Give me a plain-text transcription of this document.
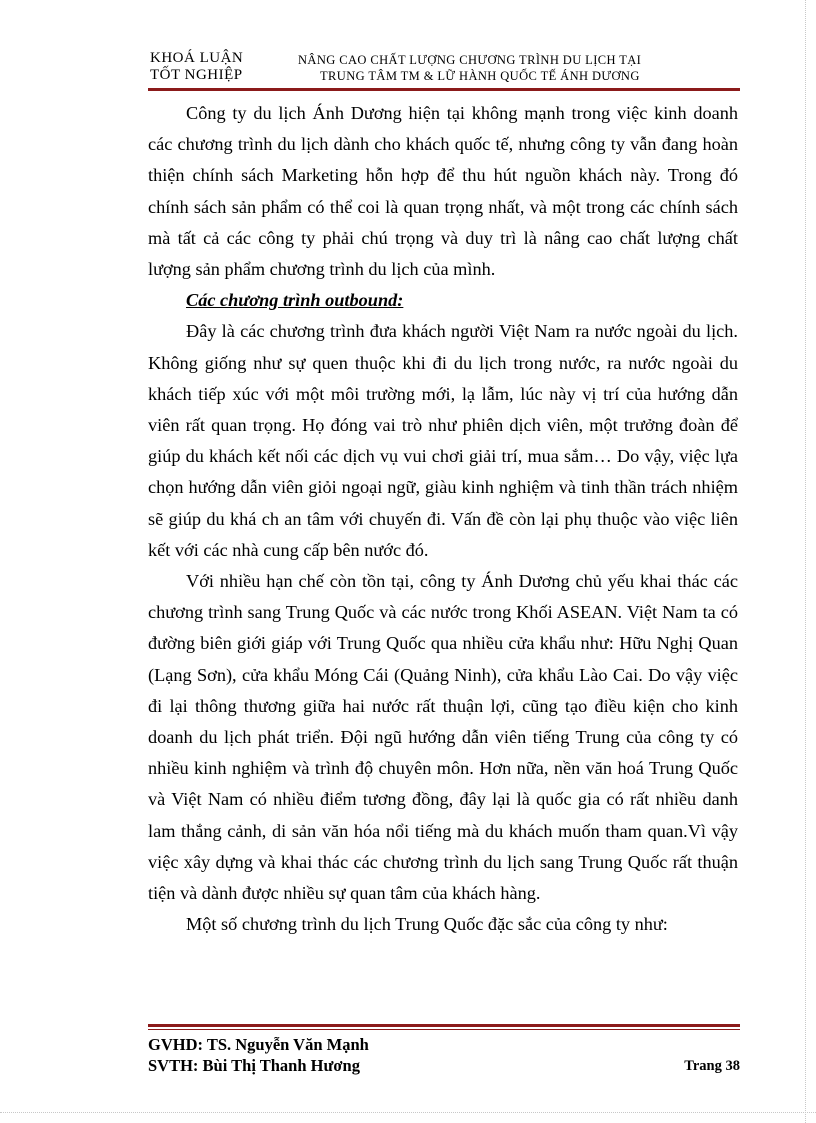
KHOÁ LUẬN
TỐT NGHIỆP
NÂNG CAO CHẤT LƯỢNG CHƯƠNG TRÌNH DU LỊCH TẠI
TRUNG TÂM TM & LỮ HÀNH QUỐC TẾ ÁNH DƯƠNG

Công ty du lịch Ánh Dương hiện tại không mạnh trong việc kinh doanh các chương trình du lịch dành cho khách quốc tế, nhưng công ty vẫn đang hoàn thiện chính sách Marketing hỗn hợp để thu hút nguồn khách này. Trong đó chính sách sản phẩm có thể coi là quan trọng nhất, và một trong các chính sách mà tất cả các công ty phải chú trọng và duy trì là nâng cao chất lượng chất lượng sản phẩm chương trình du lịch của mình.

Các chương trình outbound:

Đây là các chương trình đưa khách người Việt Nam ra nước ngoài du lịch. Không giống như sự quen thuộc khi đi du lịch trong nước, ra nước ngoài du khách tiếp xúc với một môi trường mới, lạ lẫm, lúc này vị trí của hướng dẫn viên rất quan trọng. Họ đóng vai trò như phiên dịch viên, một trưởng đoàn để giúp du khách kết nối các dịch vụ vui chơi giải trí, mua sắm… Do vậy, việc lựa chọn hướng dẫn viên giỏi ngoại ngữ, giàu kinh nghiệm và tinh thần trách nhiệm sẽ giúp du khá ch an tâm với chuyến đi. Vấn đề còn lại phụ thuộc vào việc liên kết với các nhà cung cấp bên nước đó.

Với nhiều hạn chế còn tồn tại, công ty Ánh Dương chủ yếu khai thác các chương trình sang Trung Quốc và các nước trong Khối ASEAN. Việt Nam ta có đường biên giới giáp với Trung Quốc qua nhiều cửa khẩu như: Hữu Nghị Quan (Lạng Sơn), cửa khẩu Móng Cái (Quảng Ninh), cửa khẩu Lào Cai. Do vậy việc đi lại thông thương giữa hai nước rất thuận lợi, cũng tạo điều kiện cho kinh doanh du lịch phát triển. Đội ngũ hướng dẫn viên tiếng Trung của công ty có nhiều kinh nghiệm và trình độ chuyên môn. Hơn nữa, nền văn hoá Trung Quốc và Việt Nam có nhiều điểm tương đồng, đây lại là quốc gia có rất nhiều danh lam thắng cảnh, di sản văn hóa nổi tiếng mà du khách muốn tham quan.Vì vậy việc xây dựng và khai thác các chương trình du lịch sang Trung Quốc rất thuận tiện và dành được nhiều sự quan tâm của khách hàng.

Một số chương trình du lịch Trung Quốc đặc sắc của công ty như:

GVHD: TS. Nguyễn Văn Mạnh
SVTH: Bùi Thị Thanh Hương	Trang 38
